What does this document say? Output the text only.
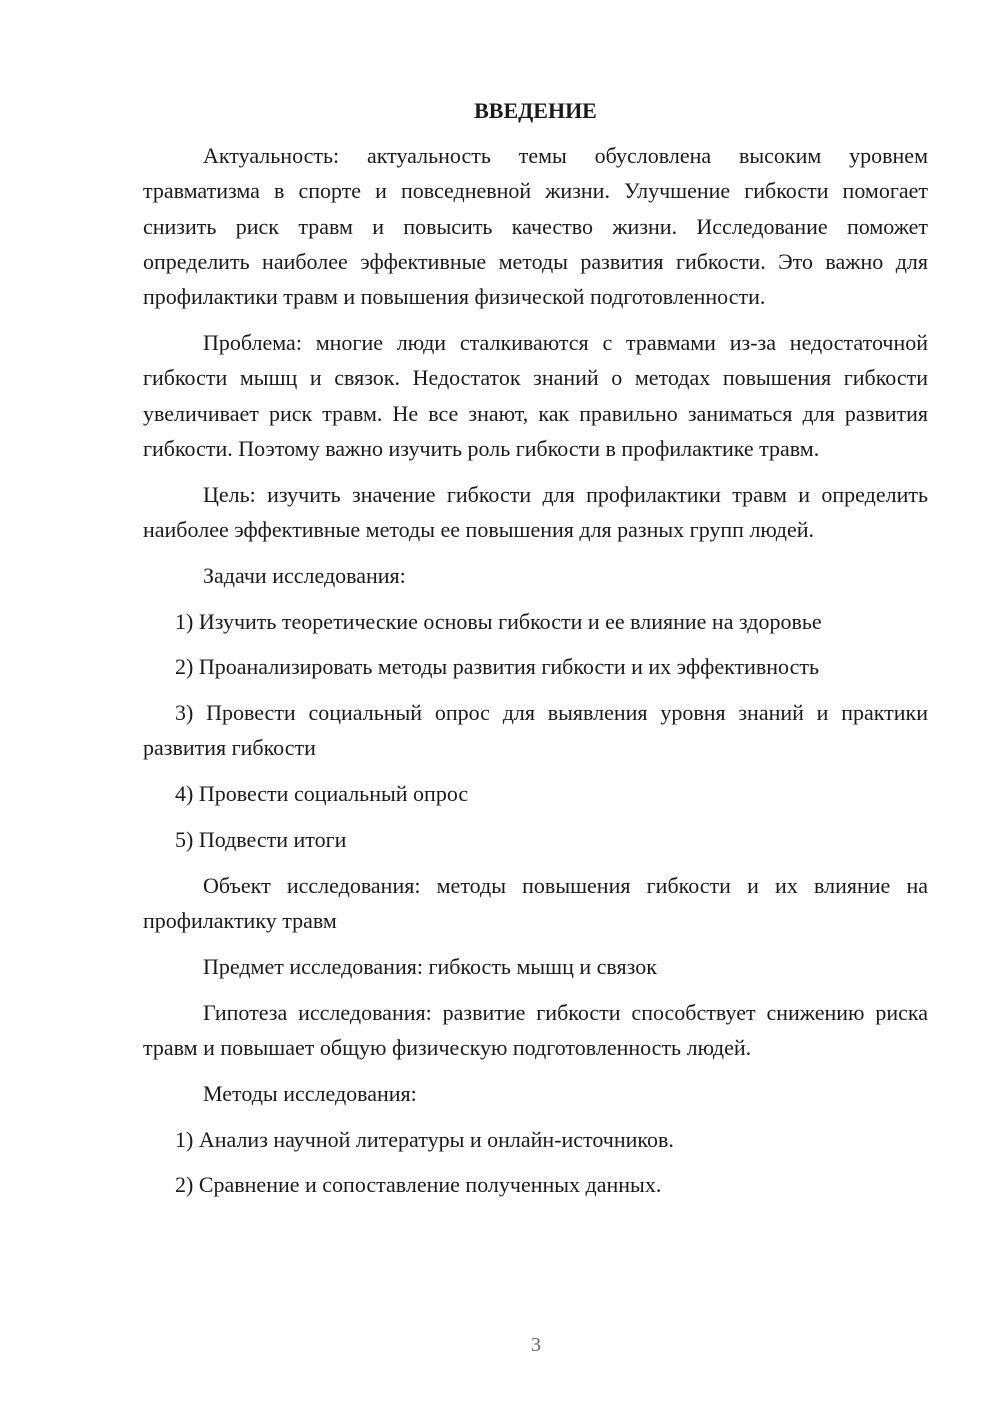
ВВЕДЕНИЕ

Актуальность: актуальность темы обусловлена высоким уровнем травматизма в спорте и повседневной жизни. Улучшение гибкости помогает снизить риск травм и повысить качество жизни. Исследование поможет определить наиболее эффективные методы развития гибкости. Это важно для профилактики травм и повышения физической подготовленности.

Проблема: многие люди сталкиваются с травмами из-за недостаточной гибкости мышц и связок. Недостаток знаний о методах повышения гибкости увеличивает риск травм. Не все знают, как правильно заниматься для развития гибкости. Поэтому важно изучить роль гибкости в профилактике травм.

Цель: изучить значение гибкости для профилактики травм и определить наиболее эффективные методы ее повышения для разных групп людей.

Задачи исследования:

1) Изучить теоретические основы гибкости и ее влияние на здоровье

2) Проанализировать методы развития гибкости и их эффективность

3) Провести социальный опрос для выявления уровня знаний и практики развития гибкости

4) Провести социальный опрос

5) Подвести итоги

Объект исследования: методы повышения гибкости и их влияние на профилактику травм

Предмет исследования: гибкость мышц и связок

Гипотеза исследования: развитие гибкости способствует снижению риска травм и повышает общую физическую подготовленность людей.

Методы исследования:

1) Анализ научной литературы и онлайн-источников.

2) Сравнение и сопоставление полученных данных.

3
